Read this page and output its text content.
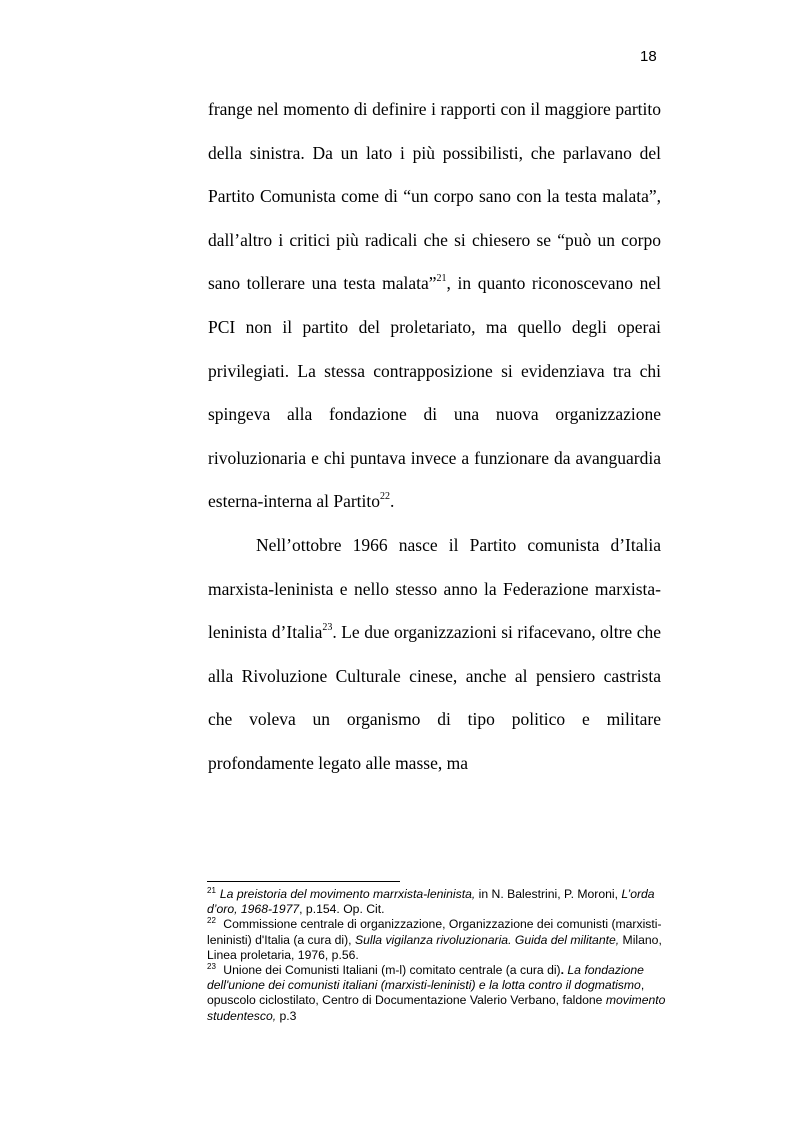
18

frange nel momento di definire i rapporti con il maggiore partito della sinistra. Da un lato i più possibilisti, che parlavano del Partito Comunista come di “un corpo sano con la testa malata”, dall’altro i critici più radicali che si chiesero se “può un corpo sano tollerare una testa malata”$^{21}$, in quanto riconoscevano nel PCI non il partito del proletariato, ma quello degli operai privilegiati. La stessa contrapposizione si evidenziava tra chi spingeva alla fondazione di una nuova organizzazione rivoluzionaria e chi puntava invece a funzionare da avanguardia esterna-interna al Partito$^{22}$.

Nell’ottobre 1966 nasce il Partito comunista d’Italia marxista-leninista e nello stesso anno la Federazione marxista-leninista d’Italia$^{23}$. Le due organizzazioni si rifacevano, oltre che alla Rivoluzione Culturale cinese, anche al pensiero castrista che voleva un organismo di tipo politico e militare profondamente legato alle masse, ma

$^{21}$ La preistoria del movimento marrxista-leninista, in N. Balestrini, P. Moroni, L’orda d’oro, 1968-1977, p.154. Op. Cit.

$^{22}$ Commissione centrale di organizzazione, Organizzazione dei comunisti (marxisti-leninisti) d'Italia (a cura di), Sulla vigilanza rivoluzionaria. Guida del militante, Milano, Linea proletaria, 1976, p.56.

$^{23}$ Unione dei Comunisti Italiani (m-l) comitato centrale (a cura di). La fondazione dell'unione dei comunisti italiani (marxisti-leninisti) e la lotta contro il dogmatismo, opuscolo ciclostilato, Centro di Documentazione Valerio Verbano, faldone movimento studentesco, p.3
